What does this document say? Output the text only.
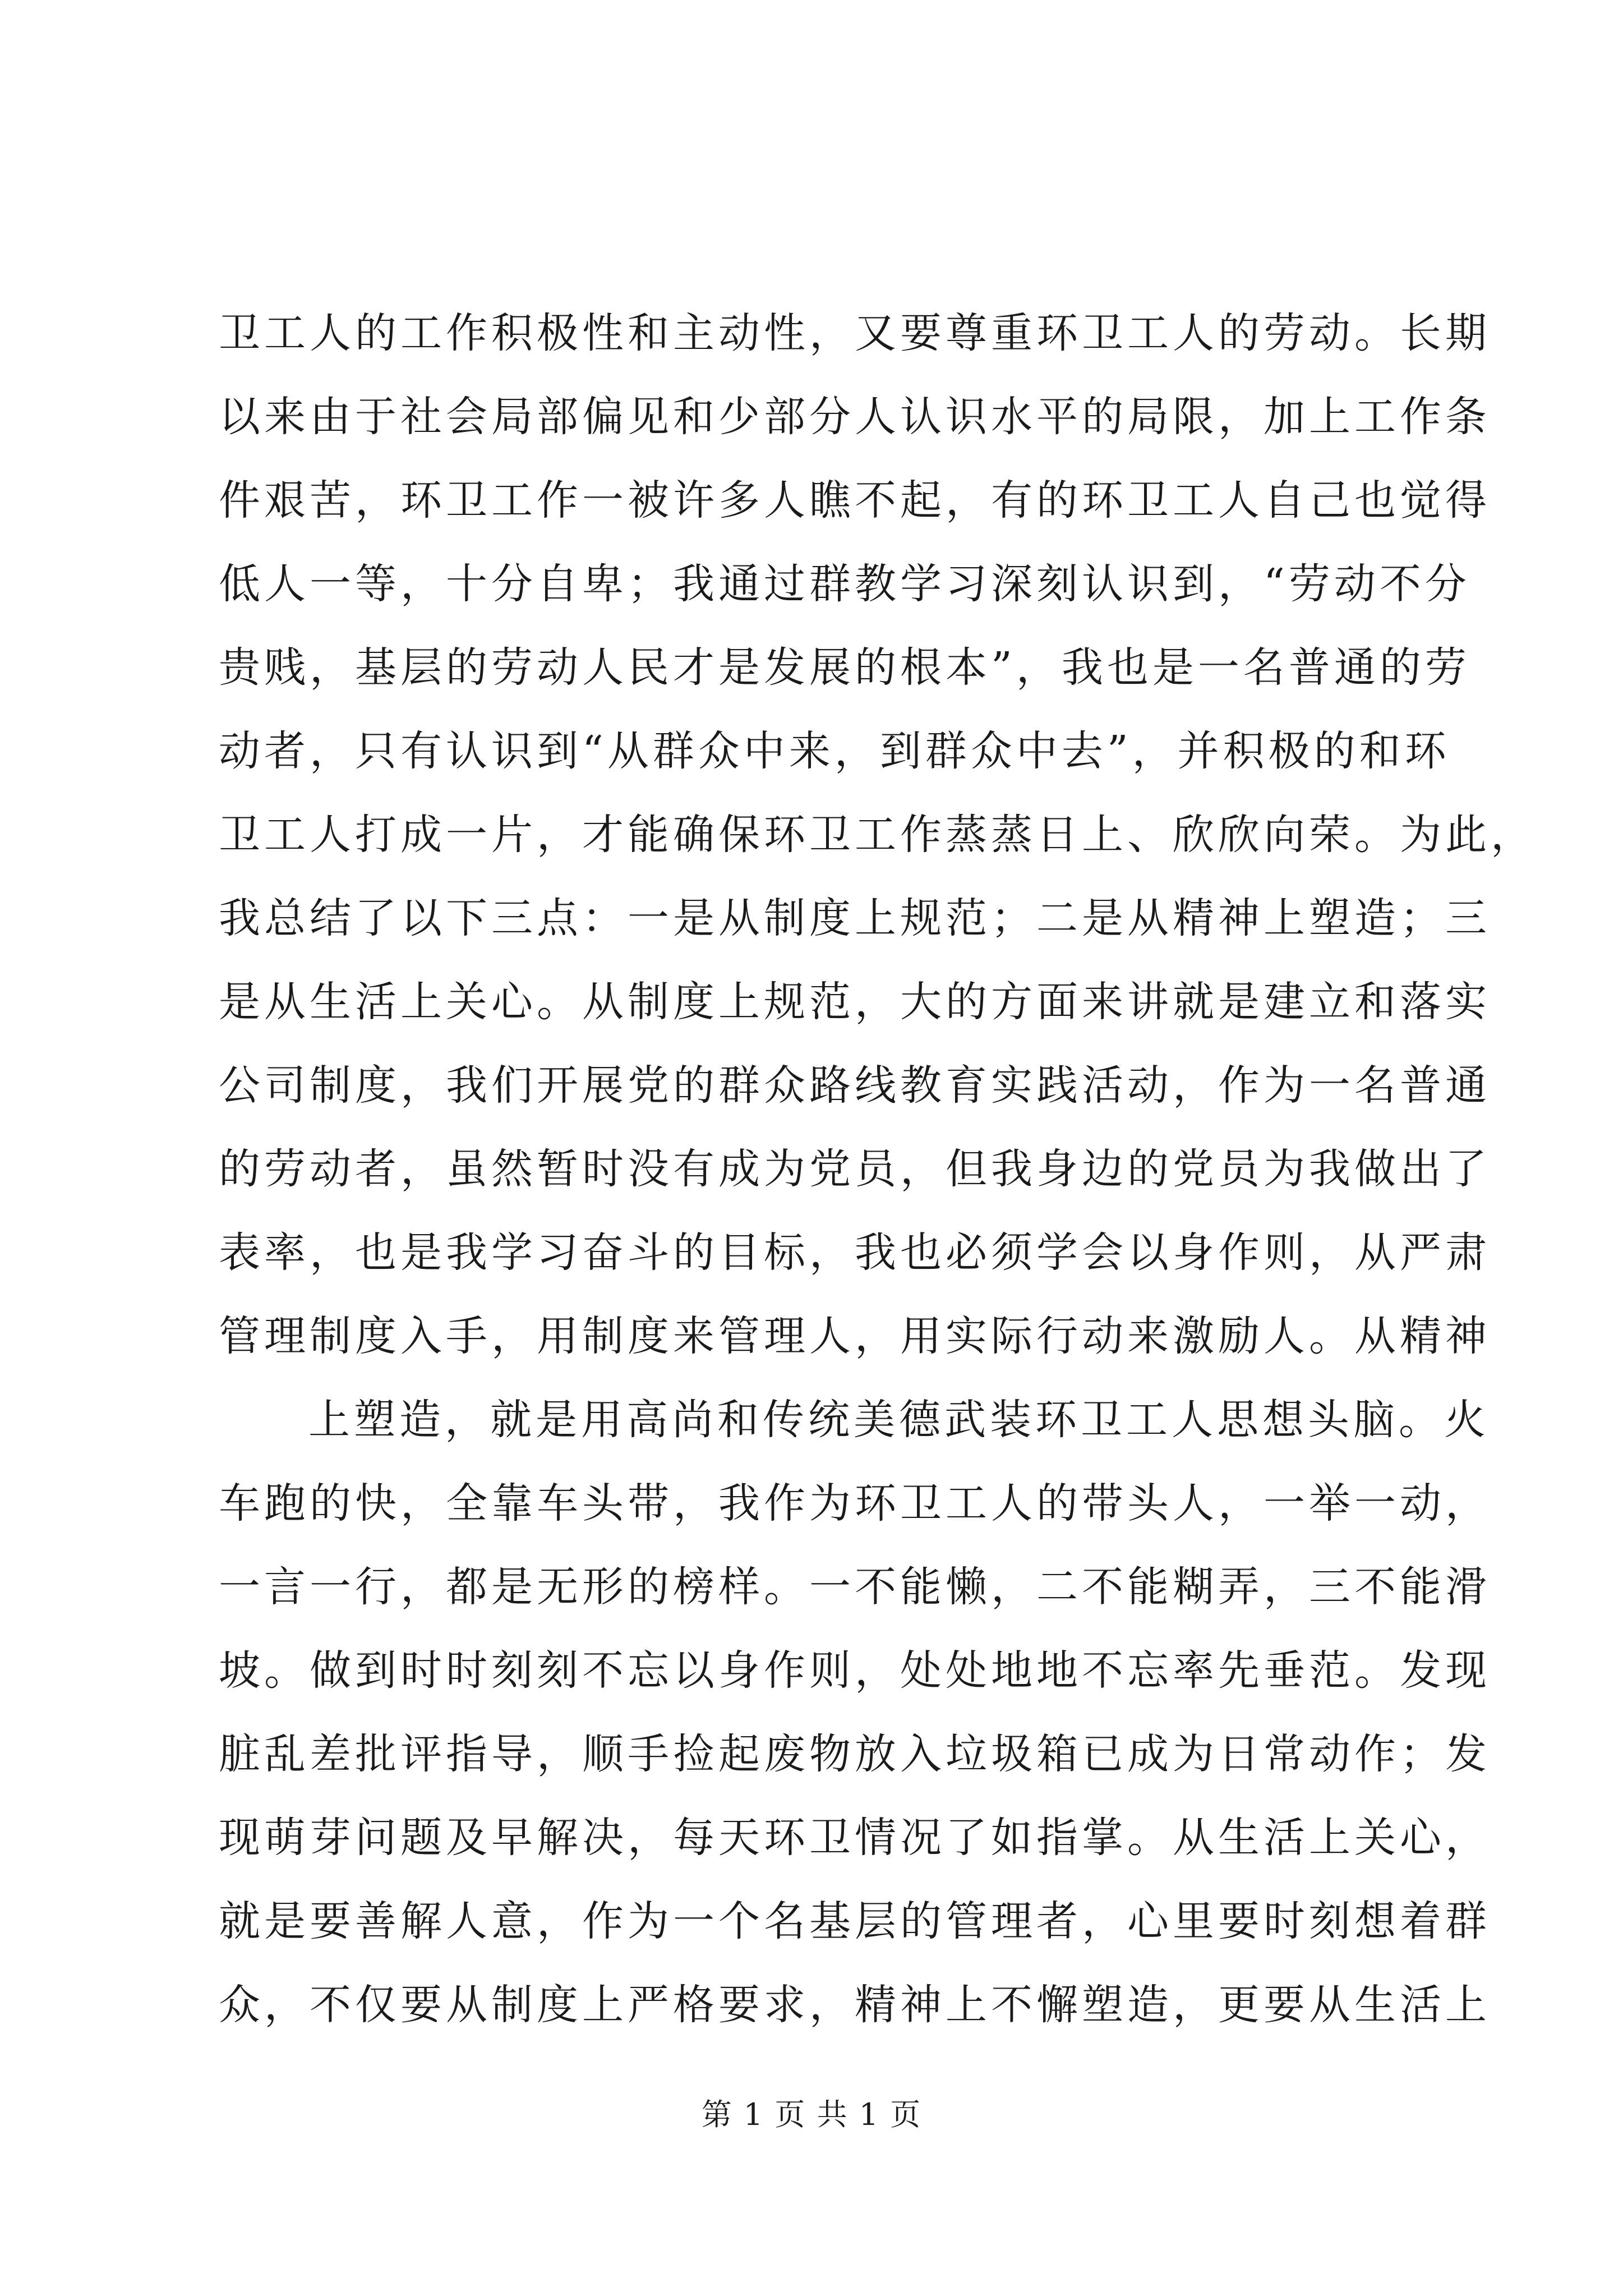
卫工人的工作积极性和主动性，又要尊重环卫工人的劳动。长期
以来由于社会局部偏见和少部分人认识水平的局限，加上工作条
件艰苦，环卫工作一被许多人瞧不起，有的环卫工人自己也觉得
低人一等，十分自卑；我通过群教学习深刻认识到，“劳动不分
贵贱，基层的劳动人民才是发展的根本”，我也是一名普通的劳
动者，只有认识到“从群众中来，到群众中去”，并积极的和环
卫工人打成一片，才能确保环卫工作蒸蒸日上、欣欣向荣。为此，
我总结了以下三点：一是从制度上规范；二是从精神上塑造；三
是从生活上关心。从制度上规范，大的方面来讲就是建立和落实
公司制度，我们开展党的群众路线教育实践活动，作为一名普通
的劳动者，虽然暂时没有成为党员，但我身边的党员为我做出了
表率，也是我学习奋斗的目标，我也必须学会以身作则，从严肃
管理制度入手，用制度来管理人，用实际行动来激励人。从精神
上塑造，就是用高尚和传统美德武装环卫工人思想头脑。火
车跑的快，全靠车头带，我作为环卫工人的带头人，一举一动，
一言一行，都是无形的榜样。一不能懒，二不能糊弄，三不能滑
坡。做到时时刻刻不忘以身作则，处处地地不忘率先垂范。发现
脏乱差批评指导，顺手捡起废物放入垃圾箱已成为日常动作；发
现萌芽问题及早解决，每天环卫情况了如指掌。从生活上关心，
就是要善解人意，作为一个名基层的管理者，心里要时刻想着群
众，不仅要从制度上严格要求，精神上不懈塑造，更要从生活上
第 1 页 共 1 页
